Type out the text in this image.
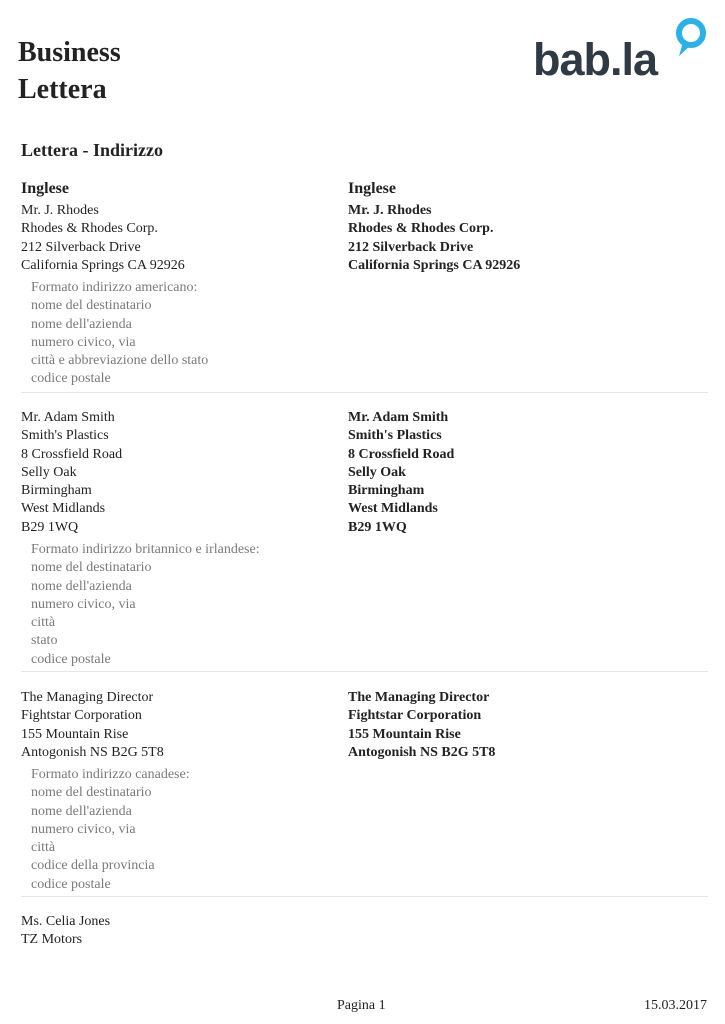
Business
Lettera
bab.la
Lettera - Indirizzo
Inglese	Inglese
Mr. J. Rhodes
Rhodes & Rhodes Corp.
212 Silverback Drive
California Springs CA 92926
Mr. J. Rhodes
Rhodes & Rhodes Corp.
212 Silverback Drive
California Springs CA 92926
Formato indirizzo americano:
nome del destinatario
nome dell'azienda
numero civico, via
città e abbreviazione dello stato
codice postale
Mr. Adam Smith
Smith's Plastics
8 Crossfield Road
Selly Oak
Birmingham
West Midlands
B29 1WQ
Mr. Adam Smith
Smith's Plastics
8 Crossfield Road
Selly Oak
Birmingham
West Midlands
B29 1WQ
Formato indirizzo britannico e irlandese:
nome del destinatario
nome dell'azienda
numero civico, via
città
stato
codice postale
The Managing Director
Fightstar Corporation
155 Mountain Rise
Antogonish NS B2G 5T8
The Managing Director
Fightstar Corporation
155 Mountain Rise
Antogonish NS B2G 5T8
Formato indirizzo canadese:
nome del destinatario
nome dell'azienda
numero civico, via
città
codice della provincia
codice postale
Ms. Celia Jones
TZ Motors
Pagina 1	15.03.2017
